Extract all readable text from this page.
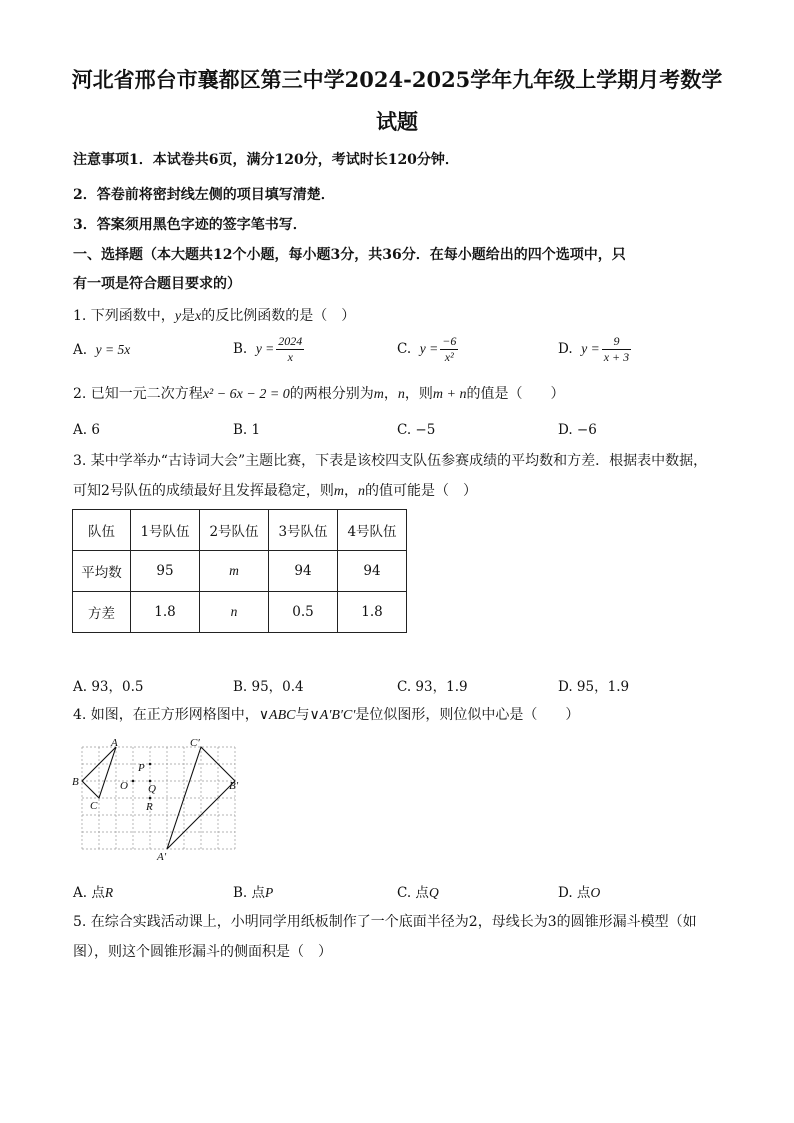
河北省邢台市襄都区第三中学2024-2025学年九年级上学期月考数学
试题
注意事项1．本试卷共6页，满分120分，考试时长120分钟．
2．答卷前将密封线左侧的项目填写清楚．
3．答案须用黑色字迹的签字笔书写．
一、选择题（本大题共12个小题，每小题3分，共36分．在每小题给出的四个选项中，只
有一项是符合题目要求的）
1. 下列函数中，y是x的反比例函数的是（　）
A. y = 5x	B. $y = \frac{2024}{x}$	C. $y = \frac{-6}{\text{x²}}$	D. $y = \frac{9}{x + 3}$
2. 已知一元二次方程x² − 6x − 2 = 0的两根分别为m，n，则m + n的值是（　　）
A. 6	B. 1	C. −5	D. −6
3. 某中学举办“古诗词大会”主题比赛，下表是该校四支队伍参赛成绩的平均数和方差．根据表中数据，
可知2号队伍的成绩最好且发挥最稳定，则m，n的值可能是（　）
队伍	1号队伍	2号队伍	3号队伍	4号队伍
平均数	95	m	94	94
方差	1.8	n	0.5	1.8
A. 93，0.5	B. 95，0.4	C. 93，1.9	D. 95，1.9
4. 如图，在正方形网格图中，∨ABC与∨A′B′C′是位似图形，则位似中心是（　　）
A
B
C
C′
B′
A′
P
O Q
R
A. 点R	B. 点P	C. 点Q	D. 点O
5. 在综合实践活动课上，小明同学用纸板制作了一个底面半径为2，母线长为3的圆锥形漏斗模型（如
图），则这个圆锥形漏斗的侧面积是（　）
